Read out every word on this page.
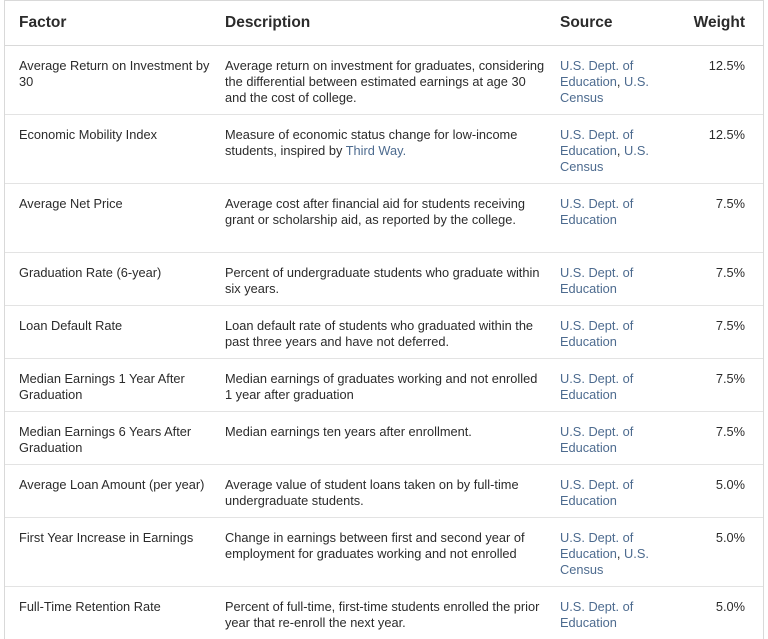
Factor	Description	Source	Weight
Average Return on Investment by 30	Average return on investment for graduates, considering the differential between estimated earnings at age 30 and the cost of college.	U.S. Dept. of Education, U.S. Census	12.5%
Economic Mobility Index	Measure of economic status change for low-income students, inspired by Third Way.	U.S. Dept. of Education, U.S. Census	12.5%
Average Net Price	Average cost after financial aid for students receiving grant or scholarship aid, as reported by the college.	U.S. Dept. of Education	7.5%
Graduation Rate (6-year)	Percent of undergraduate students who graduate within six years.	U.S. Dept. of Education	7.5%
Loan Default Rate	Loan default rate of students who graduated within the past three years and have not deferred.	U.S. Dept. of Education	7.5%
Median Earnings 1 Year After Graduation	Median earnings of graduates working and not enrolled 1 year after graduation	U.S. Dept. of Education	7.5%
Median Earnings 6 Years After Graduation	Median earnings ten years after enrollment.	U.S. Dept. of Education	7.5%
Average Loan Amount (per year)	Average value of student loans taken on by full-time undergraduate students.	U.S. Dept. of Education	5.0%
First Year Increase in Earnings	Change in earnings between first and second year of employment for graduates working and not enrolled	U.S. Dept. of Education, U.S. Census	5.0%
Full-Time Retention Rate	Percent of full-time, first-time students enrolled the prior year that re-enroll the next year.	U.S. Dept. of Education	5.0%
